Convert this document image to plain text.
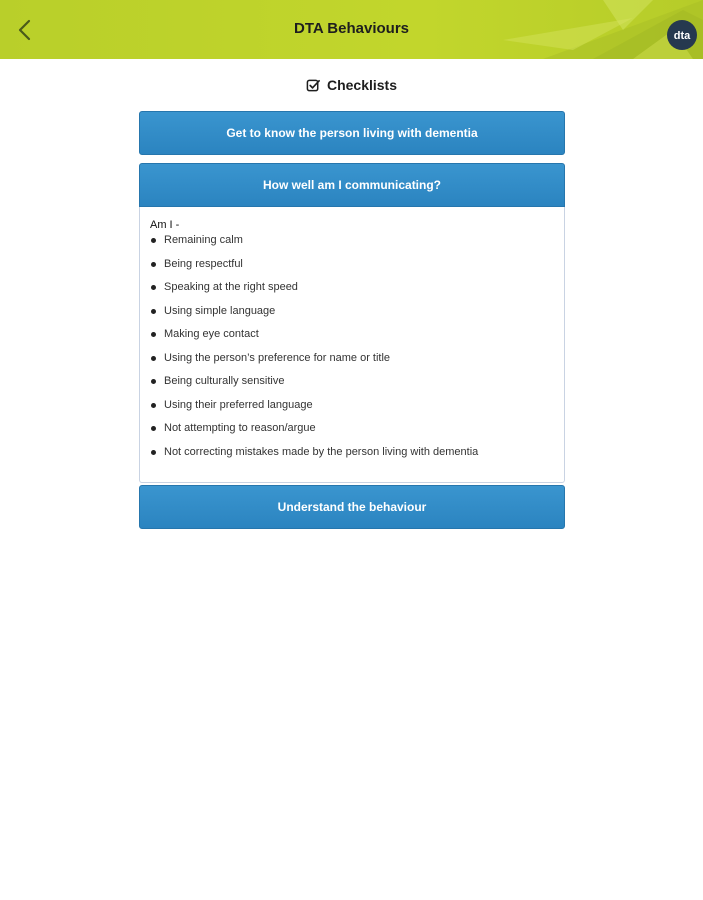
DTA Behaviours	dta
Checklists
Get to know the person living with dementia
How well am I communicating?
Am I -
Remaining calm
Being respectful
Speaking at the right speed
Using simple language
Making eye contact
Using the person’s preference for name or title
Being culturally sensitive
Using their preferred language
Not attempting to reason/argue
Not correcting mistakes made by the person living with dementia
Understand the behaviour
